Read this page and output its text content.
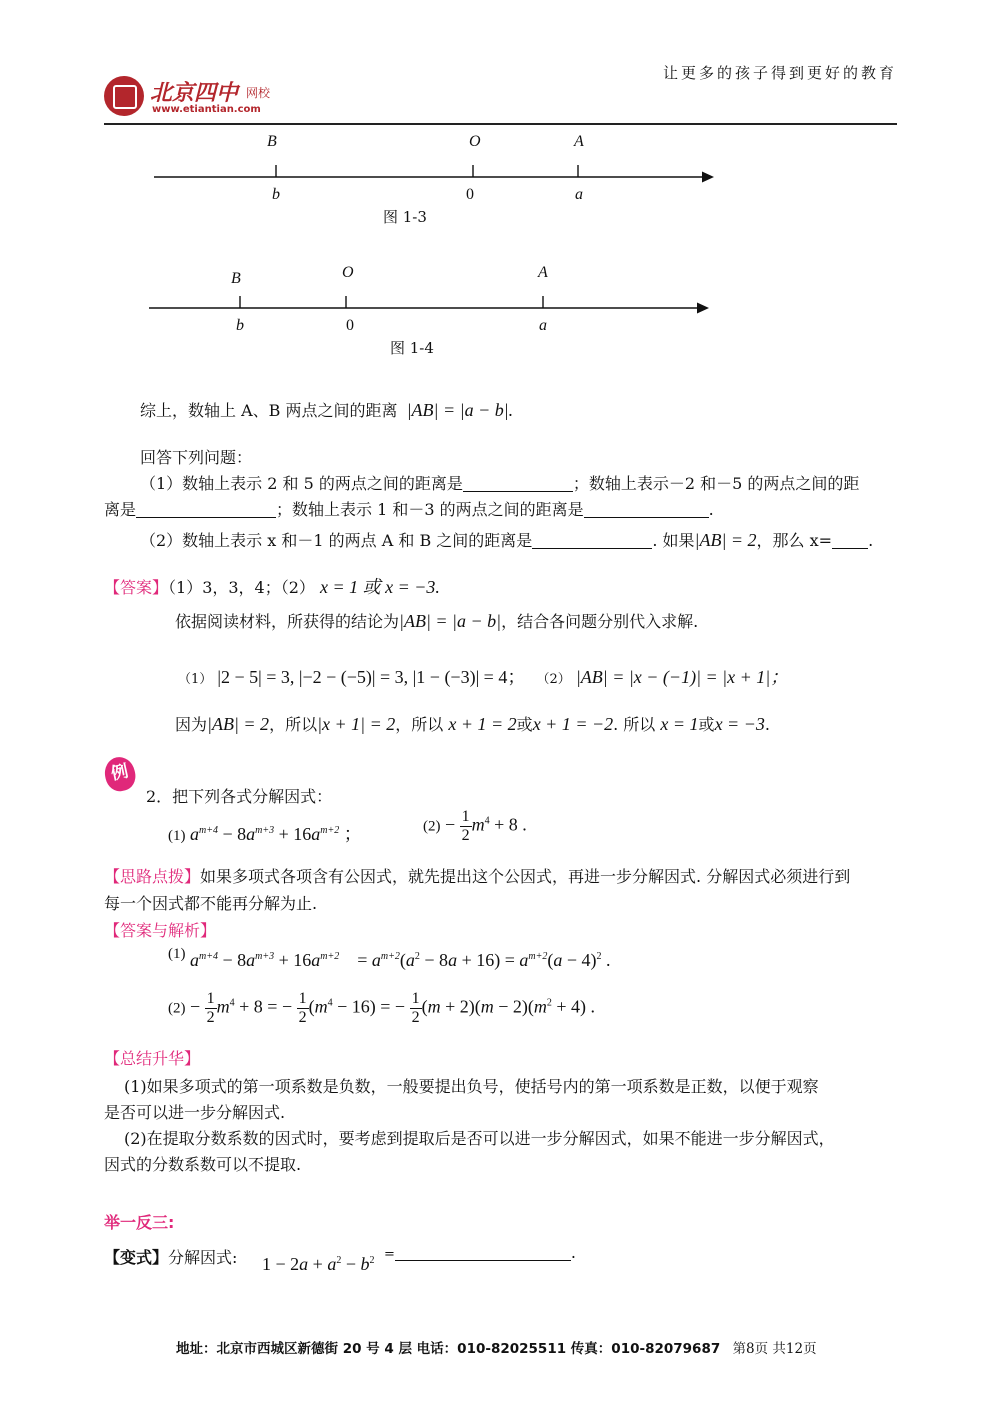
北京四中 网校
www.etiantian.com
让更多的孩子得到更好的教育
B	O	A
b	0	a
图 1-3
B	O	A
b	0	a
图 1-4
综上，数轴上 A、B 两点之间的距离 |AB| = |a − b|.
回答下列问题：
（1）数轴上表示 2 和 5 的两点之间的距离是	；数轴上表示－2 和－5 的两点之间的距
离是	；数轴上表示 1 和－3 的两点之间的距离是	.
（2）数轴上表示 x 和－1 的两点 A 和 B 之间的距离是	. 如果|AB| = 2，那么 x= .
【答案】（1）3，3，4；（2） x = 1 或 x = −3.
依据阅读材料，所获得的结论为|AB| = |a − b|，结合各问题分别代入求解.
（1） |2 − 5| = 3, |−2 − (−5)| = 3, |1 − (−3)| = 4； （2） |AB| = |x − (−1)| = |x + 1|；
因为|AB| = 2，所以|x + 1| = 2，所以 x + 1 = 2或x + 1 = −2. 所以 x = 1或x = −3.
例
2．把下列各式分解因式：
(1) $a^{m+4} - 8a^{m+3} + 16a^{m+2}$ ；	$(2) - \frac{1}{2} m^4 + 8$ .
【思路点拨】如果多项式各项含有公因式，就先提出这个公因式，再进一步分解因式. 分解因式必须进行到
每一个因式都不能再分解为止.
【答案与解析】
$^{(1)}$ $a^{m+4} - 8a^{m+3} + 16a^{m+2}$    = $a^{m+2}(a^2 - 8a + 16) = a^{m+2}(a - 4)^2$ .
$(2) - \frac{1}{2} m^4 + 8$ = − $\frac{1}{2} (m^4 - 16)$ = − $\frac{1}{2} (m + 2)(m - 2)(m^2 + 4)$ .
【总结升华】
(1)如果多项式的第一项系数是负数，一般要提出负号，使括号内的第一项系数是正数，以便于观察
是否可以进一步分解因式.
(2)在提取分数系数的因式时，要考虑到提取后是否可以进一步分解因式，如果不能进一步分解因式，
因式的分数系数可以不提取.
举一反三:
【变式】分解因式: $1 - 2a + a^2 - b^2$ =	.
地址：北京市西城区新德街 20 号 4 层 电话：010-82025511 传真：010-82079687 第8页 共12页
